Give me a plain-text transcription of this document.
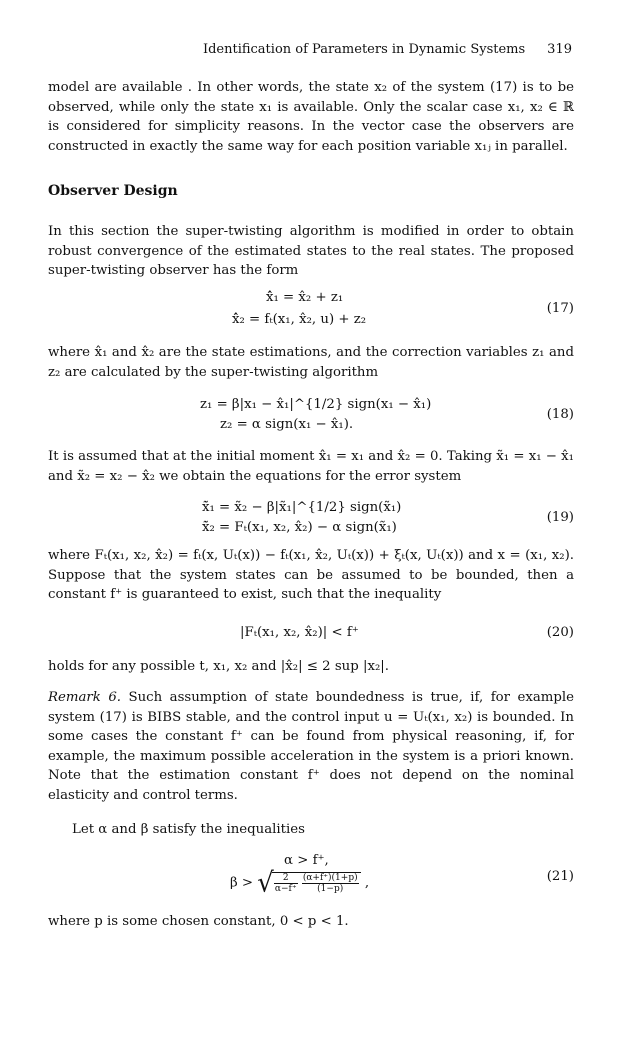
Identification of Parameters in Dynamic Systems 319
model are available . In other words, the state x₂ of the system (17) is to be observed, while only the state x₁ is available. Only the scalar case x₁, x₂ ∈ ℝ is considered for simplicity reasons. In the vector case the observers are constructed in exactly the same way for each position variable x₁ⱼ in parallel.
Observer Design
In this section the super-twisting algorithm is modified in order to obtain robust convergence of the estimated states to the real states. The proposed super-twisting observer has the form
x̂̇₁ = x̂₂ + z₁
x̂̇₂ = fₜ(x₁, x̂₂, u) + z₂
(17)
where x̂₁ and x̂₂ are the state estimations, and the correction variables z₁ and z₂ are calculated by the super-twisting algorithm
z₁ = β|x₁ − x̂₁|^{1/2} sign(x₁ − x̂₁)
z₂ = α sign(x₁ − x̂₁).
(18)
It is assumed that at the initial moment x̂₁ = x₁ and x̂₂ = 0. Taking x̃₁ = x₁ − x̂₁ and x̃₂ = x₂ − x̂₂ we obtain the equations for the error system
x̃̇₁ = x̃₂ − β|x̃₁|^{1/2} sign(x̃₁)
x̃̇₂ = Fₜ(x₁, x₂, x̂₂) − α sign(x̃₁)
(19)
where Fₜ(x₁, x₂, x̂₂) = fₜ(x, Uₜ(x)) − fₜ(x₁, x̂₂, Uₜ(x)) + ξₜ(x, Uₜ(x)) and x = (x₁, x₂). Suppose that the system states can be assumed to be bounded, then a constant f⁺ is guaranteed to exist, such that the inequality
|Fₜ(x₁, x₂, x̂₂)| < f⁺	(20)
holds for any possible t, x₁, x₂ and |x̂₂| ≤ 2 sup |x₂|.
Remark 6. Such assumption of state boundedness is true, if, for example system (17) is BIBS stable, and the control input u = Uₜ(x₁, x₂) is bounded. In some cases the constant f⁺ can be found from physical reasoning, if, for example, the maximum possible acceleration in the system is a priori known. Note that the estimation constant f⁺ does not depend on the nominal elasticity and control terms.
Let α and β satisfy the inequalities
α > f⁺,
β > √ $\frac{2}{\alpha-f^+}$
$\frac{(\alpha+f^+)(1+p)}{(1-p)}$ ,	(21)
where p is some chosen constant, 0 < p < 1.
